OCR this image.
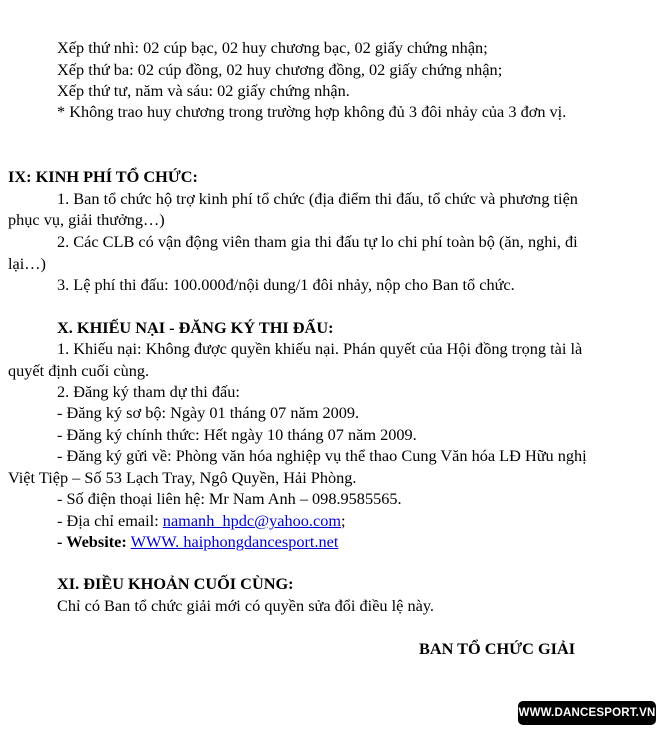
Xếp thứ nhì: 02 cúp bạc, 02 huy chương bạc, 02 giấy chứng nhận;
Xếp thứ ba: 02 cúp đồng, 02 huy chương đồng, 02 giấy chứng nhận;
Xếp thứ tư, năm và sáu: 02 giấy chứng nhận.
* Không trao huy chương trong trường hợp không đủ 3 đôi nhảy của 3 đơn vị.
IX: KINH PHÍ TỔ CHỨC:
1. Ban tổ chức hộ trợ kinh phí tổ chức (địa điểm thi đấu, tổ chức và phương tiện
phục vụ, giải thưởng…)
2. Các CLB có vận động viên tham gia thi đấu tự lo chi phí toàn bộ (ăn, nghi, đi
lại…)
3. Lệ phí thi đấu: 100.000đ/nội dung/1 đôi nhảy, nộp cho Ban tổ chức.
X. KHIẾU NẠI - ĐĂNG KÝ THI ĐẤU:
1. Khiếu nại: Không được quyền khiếu nại. Phán quyết của Hội đồng trọng tài là
quyết định cuối cùng.
2. Đăng ký tham dự thi đấu:
- Đăng ký sơ bộ: Ngày 01 tháng 07 năm 2009.
- Đăng ký chính thức: Hết ngày 10 tháng 07 năm 2009.
- Đăng ký gửi về: Phòng văn hóa nghiệp vụ thể thao Cung Văn hóa LĐ Hữu nghị
Việt Tiệp – Số 53 Lạch Tray, Ngô Quyền, Hải Phòng.
- Số điện thoại liên hệ: Mr Nam Anh – 098.9585565.
- Địa chỉ email: namanh_hpdc@yahoo.com;
- Website: WWW. haiphongdancesport.net
XI. ĐIỀU KHOẢN CUỐI CÙNG:
Chỉ có Ban tổ chức giải mới có quyền sửa đổi điều lệ này.
BAN TỔ CHỨC GIẢI
WWW.DANCESPORT.VN
